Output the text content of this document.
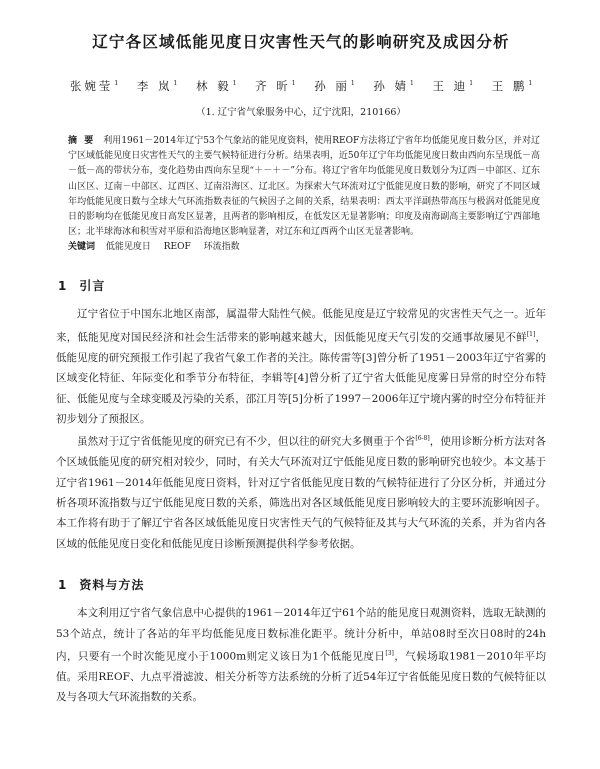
辽宁各区域低能见度日灾害性天气的影响研究及成因分析
张婉莹$^1$ 李 岚$^1$ 林 毅$^1$ 齐 昕$^1$ 孙 丽$^1$ 孙 婧$^1$ 王 迪$^1$ 王 鹏$^1$
（1. 辽宁省气象服务中心，辽宁沈阳，210166）
摘 要 利用1961－2014年辽宁53个气象站的能见度资料，使用REOF方法将辽宁省年均低能见度日数分区，并对辽宁区域低能见度日灾害性天气的主要气候特征进行分析。结果表明，近50年辽宁年均低能见度日数由西向东呈现低－高－低－高的带状分布，变化趋势由西向东呈现“＋－＋－”分布。将辽宁省年均低能见度日数划分为辽西－中部区、辽东山区区、辽南－中部区、辽西区、辽南沿海区、辽北区。为探索大气环流对辽宁低能见度日数的影响，研究了不同区域年均低能见度日数与全球大气环流指数表征的气候因子之间的关系，结果表明：西太平洋副热带高压与极涡对低能见度日的影响均在低能见度日高发区显著，且两者的影响相反，在低发区无显著影响；印度及南海副高主要影响辽宁西部地区；北半球海冰和积雪对平原和沿海地区影响显著，对辽东和辽西两个山区无显著影响。
关键词 低能见度日 REOF 环流指数
1 引言

辽宁省位于中国东北地区南部，属温带大陆性气候。低能见度是辽宁较常见的灾害性天气之一。近年来，低能见度对国民经济和社会生活带来的影响越来越大，因低能见度天气引发的交通事故屡见不鲜[1]，低能见度的研究预报工作引起了我省气象工作者的关注。陈传雷等[3]曾分析了1951－2003年辽宁省雾的区域变化特征、年际变化和季节分布特征，李辑等[4]曾分析了辽宁省大低能见度雾日异常的时空分布特征、低能见度与全球变暖及污染的关系，邵江月等[5]分析了1997－2006年辽宁境内雾的时空分布特征并初步划分了预报区。

虽然对于辽宁省低能见度的研究已有不少，但以往的研究大多侧重于个省[6-8]，使用诊断分析方法对各个区域低能见度的研究相对较少，同时，有关大气环流对辽宁低能见度日数的影响研究也较少。本文基于辽宁省1961－2014年低能见度日资料，针对辽宁省低能见度日数的气候特征进行了分区分析，并通过分析各项环流指数与辽宁低能见度日数的关系，筛选出对各区域低能见度日影响较大的主要环流影响因子。本工作将有助于了解辽宁省各区域低能见度日灾害性天气的气候特征及其与大气环流的关系，并为省内各区域的低能见度日变化和低能见度日诊断预测提供科学参考依据。

1 资料与方法

本文利用辽宁省气象信息中心提供的1961－2014年辽宁61个站的能见度日观测资料，选取无缺测的53个站点，统计了各站的年平均低能见度日数标准化距平。统计分析中，单站08时至次日08时的24h内，只要有一个时次能见度小于1000m则定义该日为1个低能见度日[3]，气候场取1981－2010年平均值。采用REOF、九点平滑滤波、相关分析等方法系统的分析了近54年辽宁省低能见度日数的气候特征以及与各项大气环流指数的关系。
